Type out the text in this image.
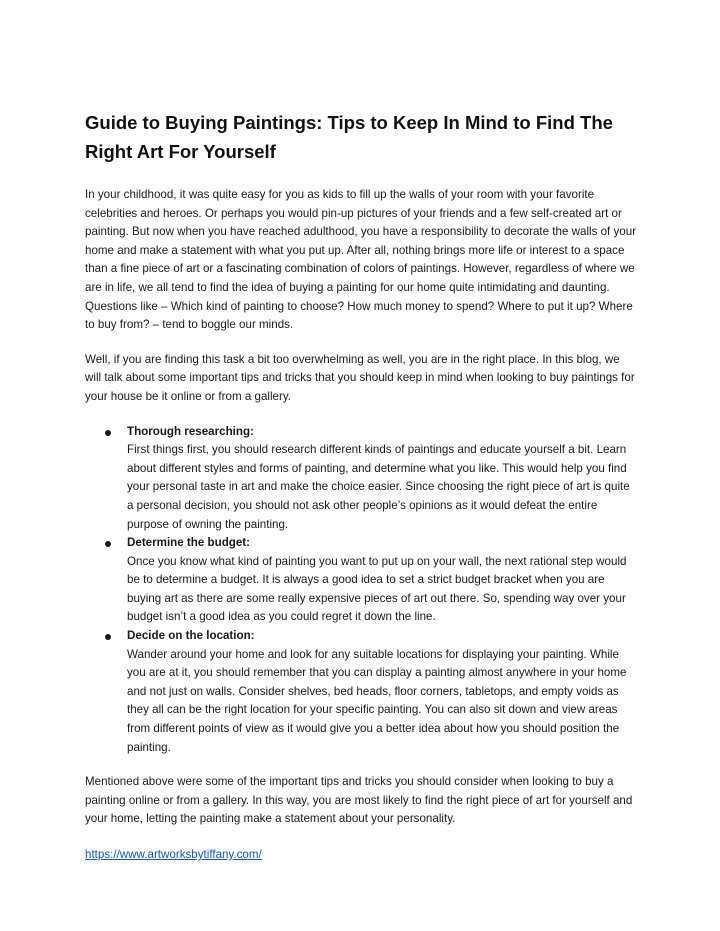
Guide to Buying Paintings: Tips to Keep In Mind to Find The Right Art For Yourself

In your childhood, it was quite easy for you as kids to fill up the walls of your room with your favorite celebrities and heroes. Or perhaps you would pin-up pictures of your friends and a few self-created art or painting. But now when you have reached adulthood, you have a responsibility to decorate the walls of your home and make a statement with what you put up. After all, nothing brings more life or interest to a space than a fine piece of art or a fascinating combination of colors of paintings. However, regardless of where we are in life, we all tend to find the idea of buying a painting for our home quite intimidating and daunting. Questions like – Which kind of painting to choose? How much money to spend? Where to put it up? Where to buy from? – tend to boggle our minds.

Well, if you are finding this task a bit too overwhelming as well, you are in the right place. In this blog, we will talk about some important tips and tricks that you should keep in mind when looking to buy paintings for your house be it online or from a gallery.

Thorough researching:
First things first, you should research different kinds of paintings and educate yourself a bit. Learn about different styles and forms of painting, and determine what you like. This would help you find your personal taste in art and make the choice easier. Since choosing the right piece of art is quite a personal decision, you should not ask other people’s opinions as it would defeat the entire purpose of owning the painting.
Determine the budget:
Once you know what kind of painting you want to put up on your wall, the next rational step would be to determine a budget. It is always a good idea to set a strict budget bracket when you are buying art as there are some really expensive pieces of art out there. So, spending way over your budget isn’t a good idea as you could regret it down the line.
Decide on the location:
Wander around your home and look for any suitable locations for displaying your painting. While you are at it, you should remember that you can display a painting almost anywhere in your home and not just on walls. Consider shelves, bed heads, floor corners, tabletops, and empty voids as they all can be the right location for your specific painting. You can also sit down and view areas from different points of view as it would give you a better idea about how you should position the painting.

Mentioned above were some of the important tips and tricks you should consider when looking to buy a painting online or from a gallery. In this way, you are most likely to find the right piece of art for yourself and your home, letting the painting make a statement about your personality.

https://www.artworksbytiffany.com/
